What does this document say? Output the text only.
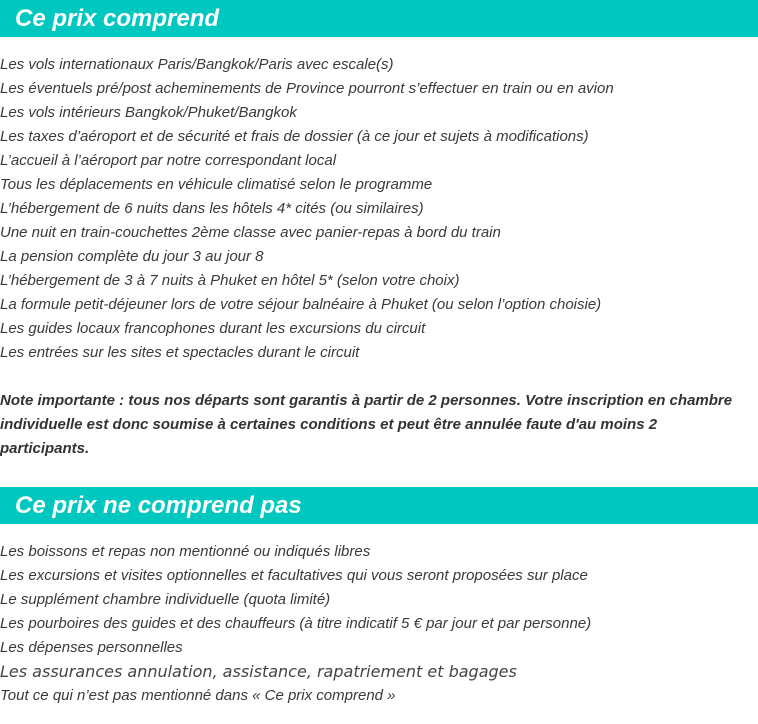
Ce prix comprend
Les vols internationaux Paris/Bangkok/Paris avec escale(s)
Les éventuels pré/post acheminements de Province pourront s’effectuer en train ou en avion
Les vols intérieurs Bangkok/Phuket/Bangkok
Les taxes d’aéroport et de sécurité et frais de dossier (à ce jour et sujets à modifications)
L’accueil à l’aéroport par notre correspondant local
Tous les déplacements en véhicule climatisé selon le programme
L’hébergement de 6 nuits dans les hôtels 4* cités (ou similaires)
Une nuit en train-couchettes 2ème classe avec panier-repas à bord du train
La pension complète du jour 3 au jour 8
L’hébergement de 3 à 7 nuits à Phuket en hôtel 5* (selon votre choix)
La formule petit-déjeuner lors de votre séjour balnéaire à Phuket (ou selon l’option choisie)
Les guides locaux francophones durant les excursions du circuit
Les entrées sur les sites et spectacles durant le circuit

Note importante : tous nos départs sont garantis à partir de 2 personnes. Votre inscription en chambre individuelle est donc soumise à certaines conditions et peut être annulée faute d'au moins 2 participants.

Ce prix ne comprend pas
Les boissons et repas non mentionné ou indiqués libres
Les excursions et visites optionnelles et facultatives qui vous seront proposées sur place
Le supplément chambre individuelle (quota limité)
Les pourboires des guides et des chauffeurs (à titre indicatif 5 € par jour et par personne)
Les dépenses personnelles
Les assurances annulation, assistance, rapatriement et bagages
Tout ce qui n’est pas mentionné dans « Ce prix comprend »
